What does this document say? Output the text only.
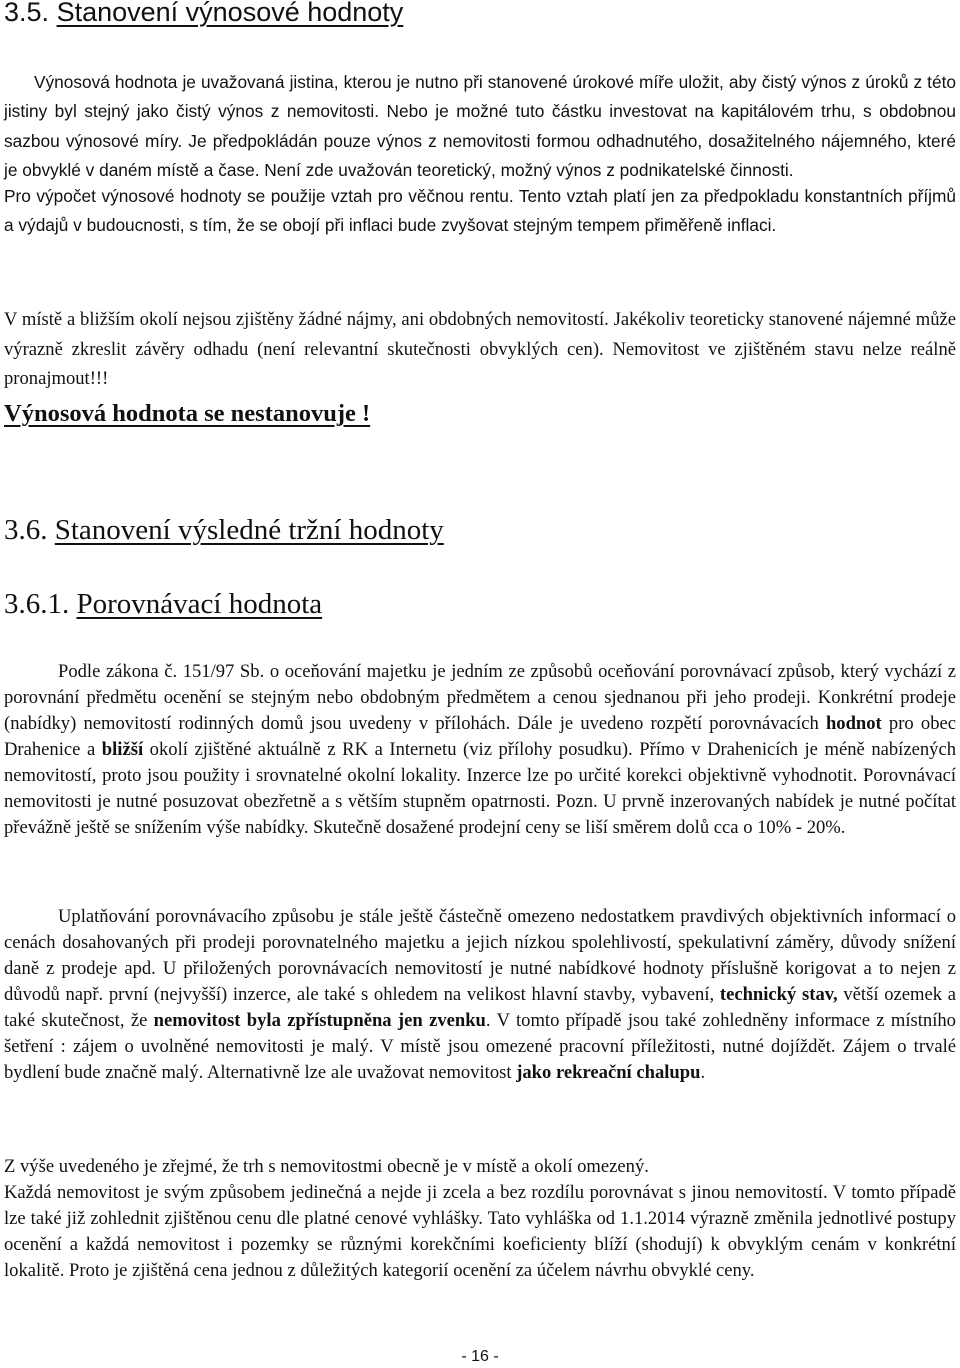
3.5. Stanovení výnosové hodnoty

Výnosová hodnota je uvažovaná jistina, kterou je nutno při stanovené úrokové míře uložit, aby čistý výnos z úroků z této jistiny byl stejný jako čistý výnos z nemovitosti. Nebo je možné tuto částku investovat na kapitálovém trhu, s obdobnou sazbou výnosové míry. Je předpokládán pouze výnos z nemovitosti formou odhadnutého, dosažitelného nájemného, které je obvyklé v daném místě a čase. Není zde uvažován teoretický, možný výnos z podnikatelské činnosti.

Pro výpočet výnosové hodnoty se použije vztah pro věčnou rentu. Tento vztah platí jen za předpokladu konstantních příjmů a výdajů v budoucnosti, s tím, že se obojí při inflaci bude zvyšovat stejným tempem přiměřeně inflaci.

V místě a bližším okolí nejsou zjištěny žádné nájmy, ani obdobných nemovitostí. Jakékoliv teoreticky stanovené nájemné může výrazně zkreslit závěry odhadu (není relevantní skutečnosti obvyklých cen). Nemovitost ve zjištěném stavu nelze reálně pronajmout!!!

Výnosová hodnota se nestanovuje !

3.6. Stanovení výsledné tržní hodnoty
3.6.1. Porovnávací hodnota

Podle zákona č. 151/97 Sb. o oceňování majetku je jedním ze způsobů oceňování porovnávací způsob, který vychází z porovnání předmětu ocenění se stejným nebo obdobným předmětem a cenou sjednanou při jeho prodeji. Konkrétní prodeje (nabídky) nemovitostí rodinných domů jsou uvedeny v přílohách. Dále je uvedeno rozpětí porovnávacích hodnot pro obec Drahenice a bližší okolí zjištěné aktuálně z RK a Internetu (viz přílohy posudku). Přímo v Drahenicích je méně nabízených nemovitostí, proto jsou použity i srovnatelné okolní lokality. Inzerce lze po určité korekci objektivně vyhodnotit. Porovnávací nemovitosti je nutné posuzovat obezřetně a s větším stupněm opatrnosti. Pozn. U prvně inzerovaných nabídek je nutné počítat převážně ještě se snížením výše nabídky. Skutečně dosažené prodejní ceny se liší směrem dolů cca o 10% - 20%.

Uplatňování porovnávacího způsobu je stále ještě částečně omezeno nedostatkem pravdivých objektivních informací o cenách dosahovaných při prodeji porovnatelného majetku a jejich nízkou spolehlivostí, spekulativní záměry, důvody snížení daně z prodeje apd. U přiložených porovnávacích nemovitostí je nutné nabídkové hodnoty příslušně korigovat a to nejen z důvodů např. první (nejvyšší) inzerce, ale také s ohledem na velikost hlavní stavby, vybavení, technický stav, větší ozemek a také skutečnost, že nemovitost byla zpřístupněna jen zvenku. V tomto případě jsou také zohledněny informace z místního šetření : zájem o uvolněné nemovitosti je malý. V místě jsou omezené pracovní příležitosti, nutné dojíždět. Zájem o trvalé bydlení bude značně malý. Alternativně lze ale uvažovat nemovitost jako rekreační chalupu.

Z výše uvedeného je zřejmé, že trh s nemovitostmi obecně je v místě a okolí omezený.

Každá nemovitost je svým způsobem jedinečná a nejde ji zcela a bez rozdílu porovnávat s jinou nemovitostí. V tomto případě lze také již zohlednit zjištěnou cenu dle platné cenové vyhlášky. Tato vyhláška od 1.1.2014 výrazně změnila jednotlivé postupy ocenění a každá nemovitost i pozemky se různými korekčními koeficienty blíží (shodují) k obvyklým cenám v konkrétní lokalitě. Proto je zjištěná cena jednou z důležitých kategorií ocenění za účelem návrhu obvyklé ceny.

- 16 -
